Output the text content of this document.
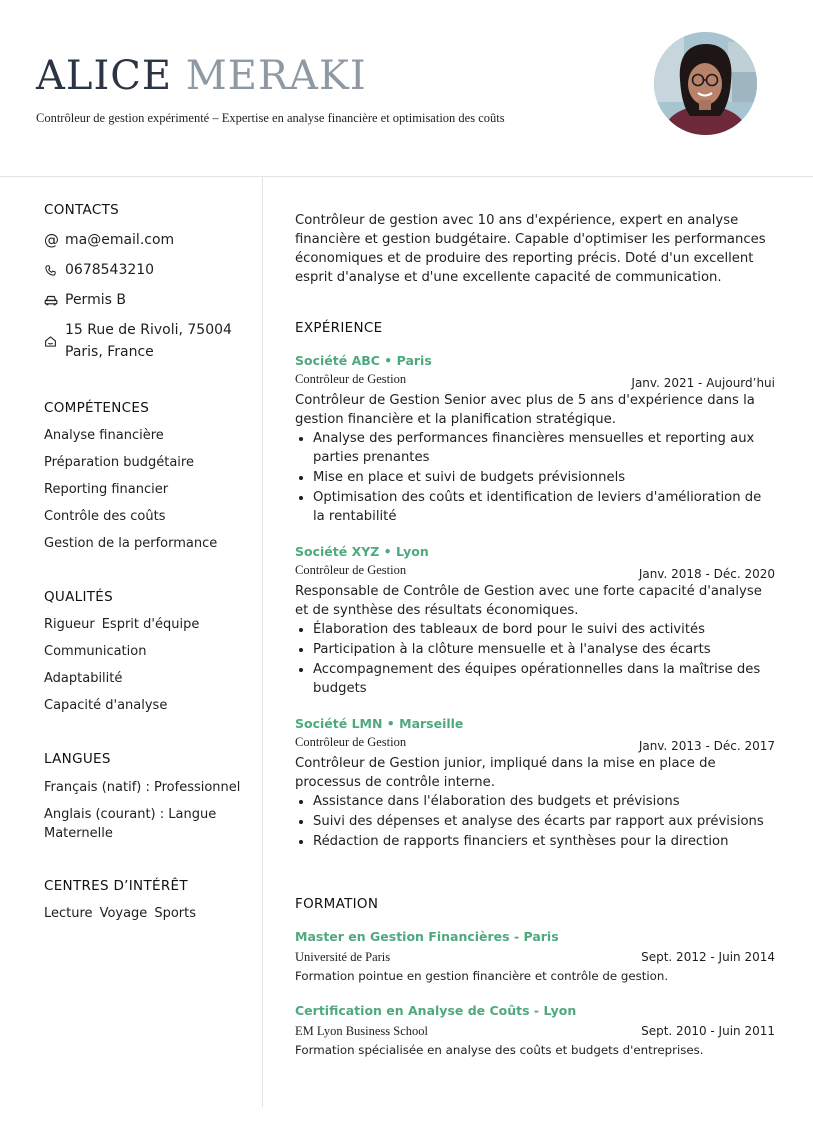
ALICE MERAKI

Contrôleur de gestion expérimenté – Expertise en analyse financière et optimisation des coûts

CONTACTS
@ ma@email.com
0678543210
Permis B
15 Rue de Rivoli, 75004 Paris, France
COMPÉTENCES
Analyse financière
Préparation budgétaire
Reporting financier
Contrôle des coûts
Gestion de la performance
QUALITÉS
Rigueur Esprit d'équipe
Communication
Adaptabilité
Capacité d'analyse
LANGUES
Français (natif) : Professionnel
Anglais (courant) : Langue Maternelle
CENTRES D’INTÉRÊT
Lecture Voyage Sports

Contrôleur de gestion avec 10 ans d'expérience, expert en analyse financière et gestion budgétaire. Capable d'optimiser les performances économiques et de produire des reporting précis. Doté d'un excellent esprit d'analyse et d'une excellente capacité de communication.

EXPÉRIENCE
Société ABC • Paris
Contrôleur de Gestion	Janv. 2021 - Aujourd’hui

Contrôleur de Gestion Senior avec plus de 5 ans d'expérience dans la gestion financière et la planification stratégique.

• Analyse des performances financières mensuelles et reporting aux parties prenantes
• Mise en place et suivi de budgets prévisionnels
• Optimisation des coûts et identification de leviers d'amélioration de la rentabilité
Société XYZ • Lyon
Contrôleur de Gestion	Janv. 2018 - Déc. 2020

Responsable de Contrôle de Gestion avec une forte capacité d'analyse et de synthèse des résultats économiques.

• Élaboration des tableaux de bord pour le suivi des activités
• Participation à la clôture mensuelle et à l'analyse des écarts
• Accompagnement des équipes opérationnelles dans la maîtrise des budgets
Société LMN • Marseille
Contrôleur de Gestion	Janv. 2013 - Déc. 2017

Contrôleur de Gestion junior, impliqué dans la mise en place de processus de contrôle interne.

• Assistance dans l'élaboration des budgets et prévisions
• Suivi des dépenses et analyse des écarts par rapport aux prévisions
• Rédaction de rapports financiers et synthèses pour la direction
FORMATION
Master en Gestion Financières - Paris
Université de Paris	Sept. 2012 - Juin 2014
Formation pointue en gestion financière et contrôle de gestion.
Certification en Analyse de Coûts - Lyon
EM Lyon Business School	Sept. 2010 - Juin 2011
Formation spécialisée en analyse des coûts et budgets d'entreprises.
